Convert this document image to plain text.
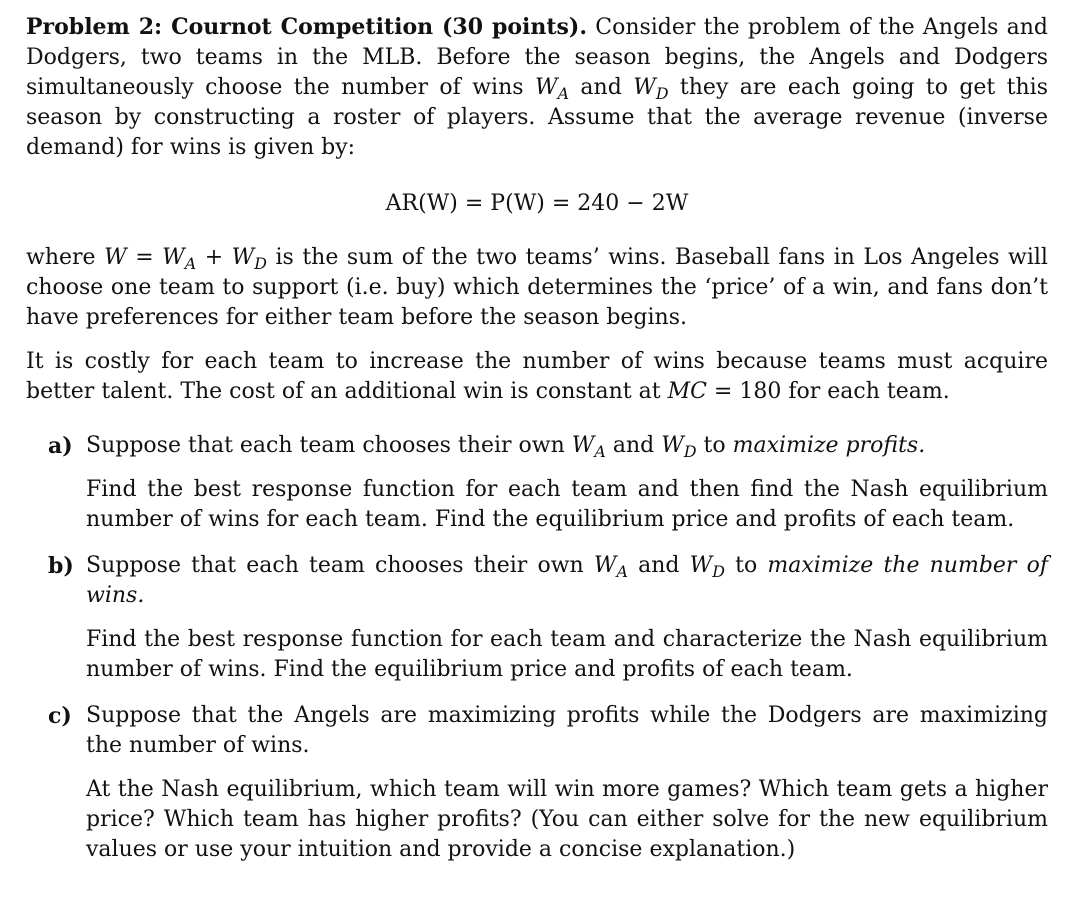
Problem 2: Cournot Competition (30 points). Consider the problem of the Angels and Dodgers, two teams in the MLB. Before the season begins, the Angels and Dodgers simultaneously choose the number of wins $W_A$ and $W_D$ they are each going to get this season by constructing a roster of players. Assume that the average revenue (inverse demand) for wins is given by:

AR(W) = P(W) = 240 − 2W

where $W = W_A + W_D$ is the sum of the two teams’ wins. Baseball fans in Los Angeles will choose one team to support (i.e. buy) which determines the ‘price’ of a win, and fans don’t have preferences for either team before the season begins.

It is costly for each team to increase the number of wins because teams must acquire better talent. The cost of an additional win is constant at MC = 180 for each team.

a) Suppose that each team chooses their own $W_A$ and $W_D$ to maximize profits.

Find the best response function for each team and then find the Nash equilibrium number of wins for each team. Find the equilibrium price and profits of each team.

b) Suppose that each team chooses their own $W_A$ and $W_D$ to maximize the number of wins.

Find the best response function for each team and characterize the Nash equilibrium number of wins. Find the equilibrium price and profits of each team.

c) Suppose that the Angels are maximizing profits while the Dodgers are maximizing the number of wins.

At the Nash equilibrium, which team will win more games? Which team gets a higher price? Which team has higher profits? (You can either solve for the new equilibrium values or use your intuition and provide a concise explanation.)
